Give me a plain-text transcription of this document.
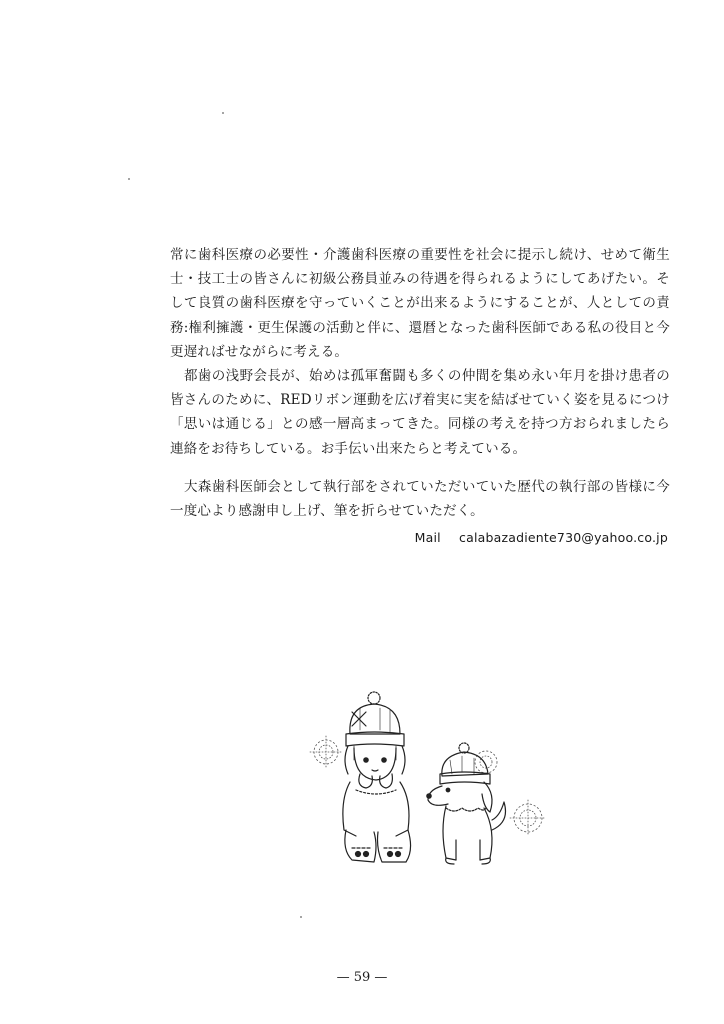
常に歯科医療の必要性・介護歯科医療の重要性を社会に提示し続け、せめて衛生士・技工士の皆さんに初級公務員並みの待遇を得られるようにしてあげたい。そして良質の歯科医療を守っていくことが出来るようにすることが、人としての責務:権利擁護・更生保護の活動と伴に、還暦となった歯科医師である私の役目と今更遅ればせながらに考える。

都歯の浅野会長が、始めは孤軍奮闘も多くの仲間を集め永い年月を掛け患者の皆さんのために、REDリボン運動を広げ着実に実を結ばせていく姿を見るにつけ「思いは通じる」との感一層高まってきた。同様の考えを持つ方おられましたら連絡をお待ちしている。お手伝い出来たらと考えている。

大森歯科医師会として執行部をされていただいていた歴代の執行部の皆様に今一度心より感謝申し上げ、筆を折らせていただく。

Mail calabazadiente730@yahoo.co.jp
— 59 —
